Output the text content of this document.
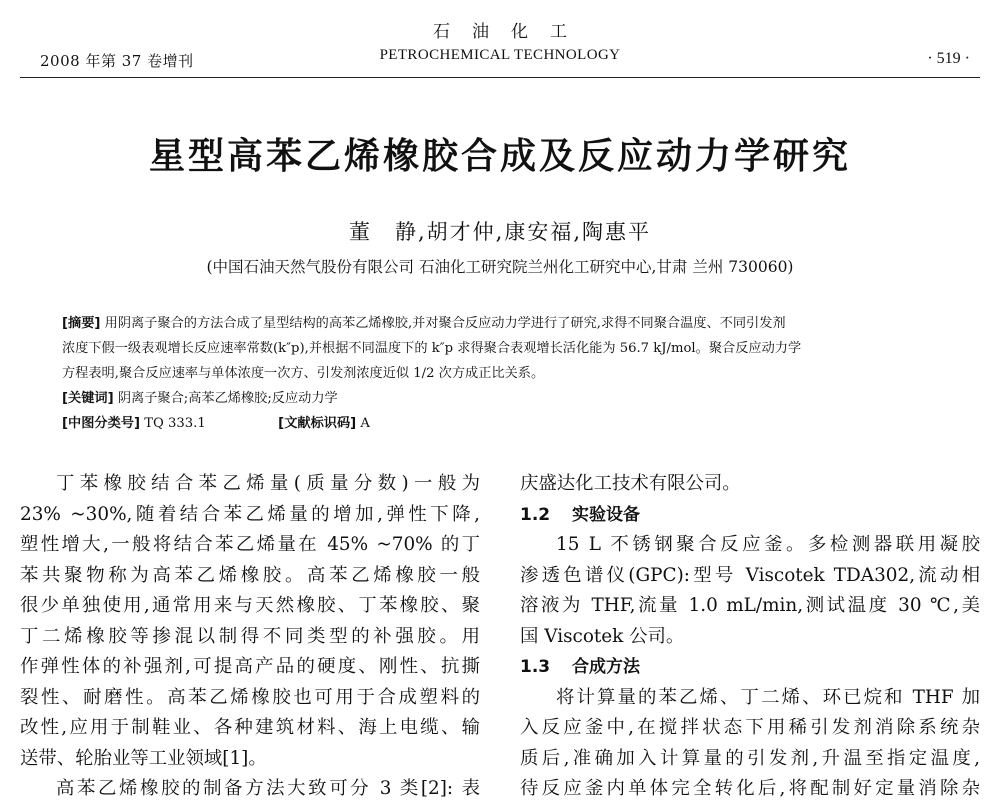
2008 年第 37 卷增刊
石油化工
PETROCHEMICAL TECHNOLOGY	· 519 ·
星型高苯乙烯橡胶合成及反应动力学研究
董　静,胡才仲,康安福,陶惠平
(中国石油天然气股份有限公司 石油化工研究院兰州化工研究中心,甘肃 兰州 730060)
[摘要] 用阴离子聚合的方法合成了星型结构的高苯乙烯橡胶,并对聚合反应动力学进行了研究,求得不同聚合温度、不同引发剂
浓度下假一级表观增长反应速率常数(k″p),并根据不同温度下的 k″p 求得聚合表观增长活化能为 56.7 kJ/mol。聚合反应动力学
方程表明,聚合反应速率与单体浓度一次方、引发剂浓度近似 1/2 次方成正比关系。
[关键词] 阴离子聚合;高苯乙烯橡胶;反应动力学
[中图分类号] TQ 333.1	[文献标识码] A
丁苯橡胶结合苯乙烯量(质量分数)一般为
23% ~30%,随着结合苯乙烯量的增加,弹性下降,
塑性增大,一般将结合苯乙烯量在 45% ~70% 的丁
苯共聚物称为高苯乙烯橡胶。高苯乙烯橡胶一般
很少单独使用,通常用来与天然橡胶、丁苯橡胶、聚
丁二烯橡胶等掺混以制得不同类型的补强胶。用
作弹性体的补强剂,可提高产品的硬度、刚性、抗撕
裂性、耐磨性。高苯乙烯橡胶也可用于合成塑料的
改性,应用于制鞋业、各种建筑材料、海上电缆、输
送带、轮胎业等工业领域[1]。
高苯乙烯橡胶的制备方法大致可分 3 类[2]: 表
庆盛达化工技术有限公司。
1.2 实验设备
15 L 不锈钢聚合反应釜。多检测器联用凝胶
渗透色谱仪(GPC):型号 Viscotek TDA302,流动相
溶液为 THF,流量 1.0 mL/min,测试温度 30 ℃,美
国 Viscotek 公司。
1.3 合成方法
将计算量的苯乙烯、丁二烯、环已烷和 THF 加
入反应釜中,在搅拌状态下用稀引发剂消除系统杂
质后,准确加入计算量的引发剂,升温至指定温度,
待反应釜内单体完全转化后,将配制好定量消除杂
